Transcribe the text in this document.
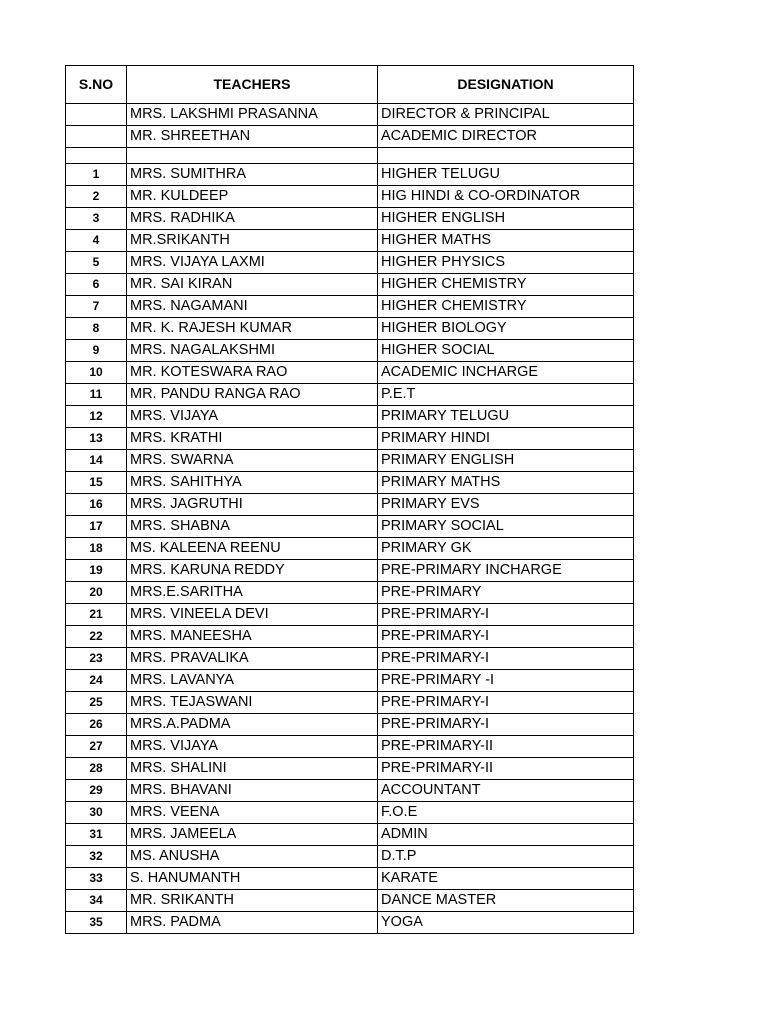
S.NO	TEACHERS	DESIGNATION
	MRS. LAKSHMI PRASANNA	DIRECTOR & PRINCIPAL
	MR. SHREETHAN	ACADEMIC DIRECTOR

1	MRS. SUMITHRA	HIGHER TELUGU
2	MR. KULDEEP	HIG HINDI & CO-ORDINATOR
3	MRS. RADHIKA	HIGHER ENGLISH
4	MR.SRIKANTH	HIGHER MATHS
5	MRS. VIJAYA LAXMI	HIGHER PHYSICS
6	MR. SAI KIRAN	HIGHER CHEMISTRY
7	MRS. NAGAMANI	HIGHER CHEMISTRY
8	MR. K. RAJESH KUMAR	HIGHER BIOLOGY
9	MRS. NAGALAKSHMI	HIGHER SOCIAL
10	MR. KOTESWARA RAO	ACADEMIC INCHARGE
11	MR. PANDU RANGA RAO	P.E.T
12	MRS. VIJAYA	PRIMARY TELUGU
13	MRS. KRATHI	PRIMARY HINDI
14	MRS. SWARNA	PRIMARY ENGLISH
15	MRS. SAHITHYA	PRIMARY MATHS
16	MRS. JAGRUTHI	PRIMARY EVS
17	MRS. SHABNA	PRIMARY SOCIAL
18	MS. KALEENA REENU	PRIMARY GK
19	MRS. KARUNA REDDY	PRE-PRIMARY INCHARGE
20	MRS.E.SARITHA	PRE-PRIMARY
21	MRS. VINEELA DEVI	PRE-PRIMARY-I
22	MRS. MANEESHA	PRE-PRIMARY-I
23	MRS. PRAVALIKA	PRE-PRIMARY-I
24	MRS. LAVANYA	PRE-PRIMARY -I
25	MRS. TEJASWANI	PRE-PRIMARY-I
26	MRS.A.PADMA	PRE-PRIMARY-I
27	MRS. VIJAYA	PRE-PRIMARY-II
28	MRS. SHALINI	PRE-PRIMARY-II
29	MRS. BHAVANI	ACCOUNTANT
30	MRS. VEENA	F.O.E
31	MRS. JAMEELA	ADMIN
32	MS. ANUSHA	D.T.P
33	S. HANUMANTH	KARATE
34	MR. SRIKANTH	DANCE MASTER
35	MRS. PADMA	YOGA
